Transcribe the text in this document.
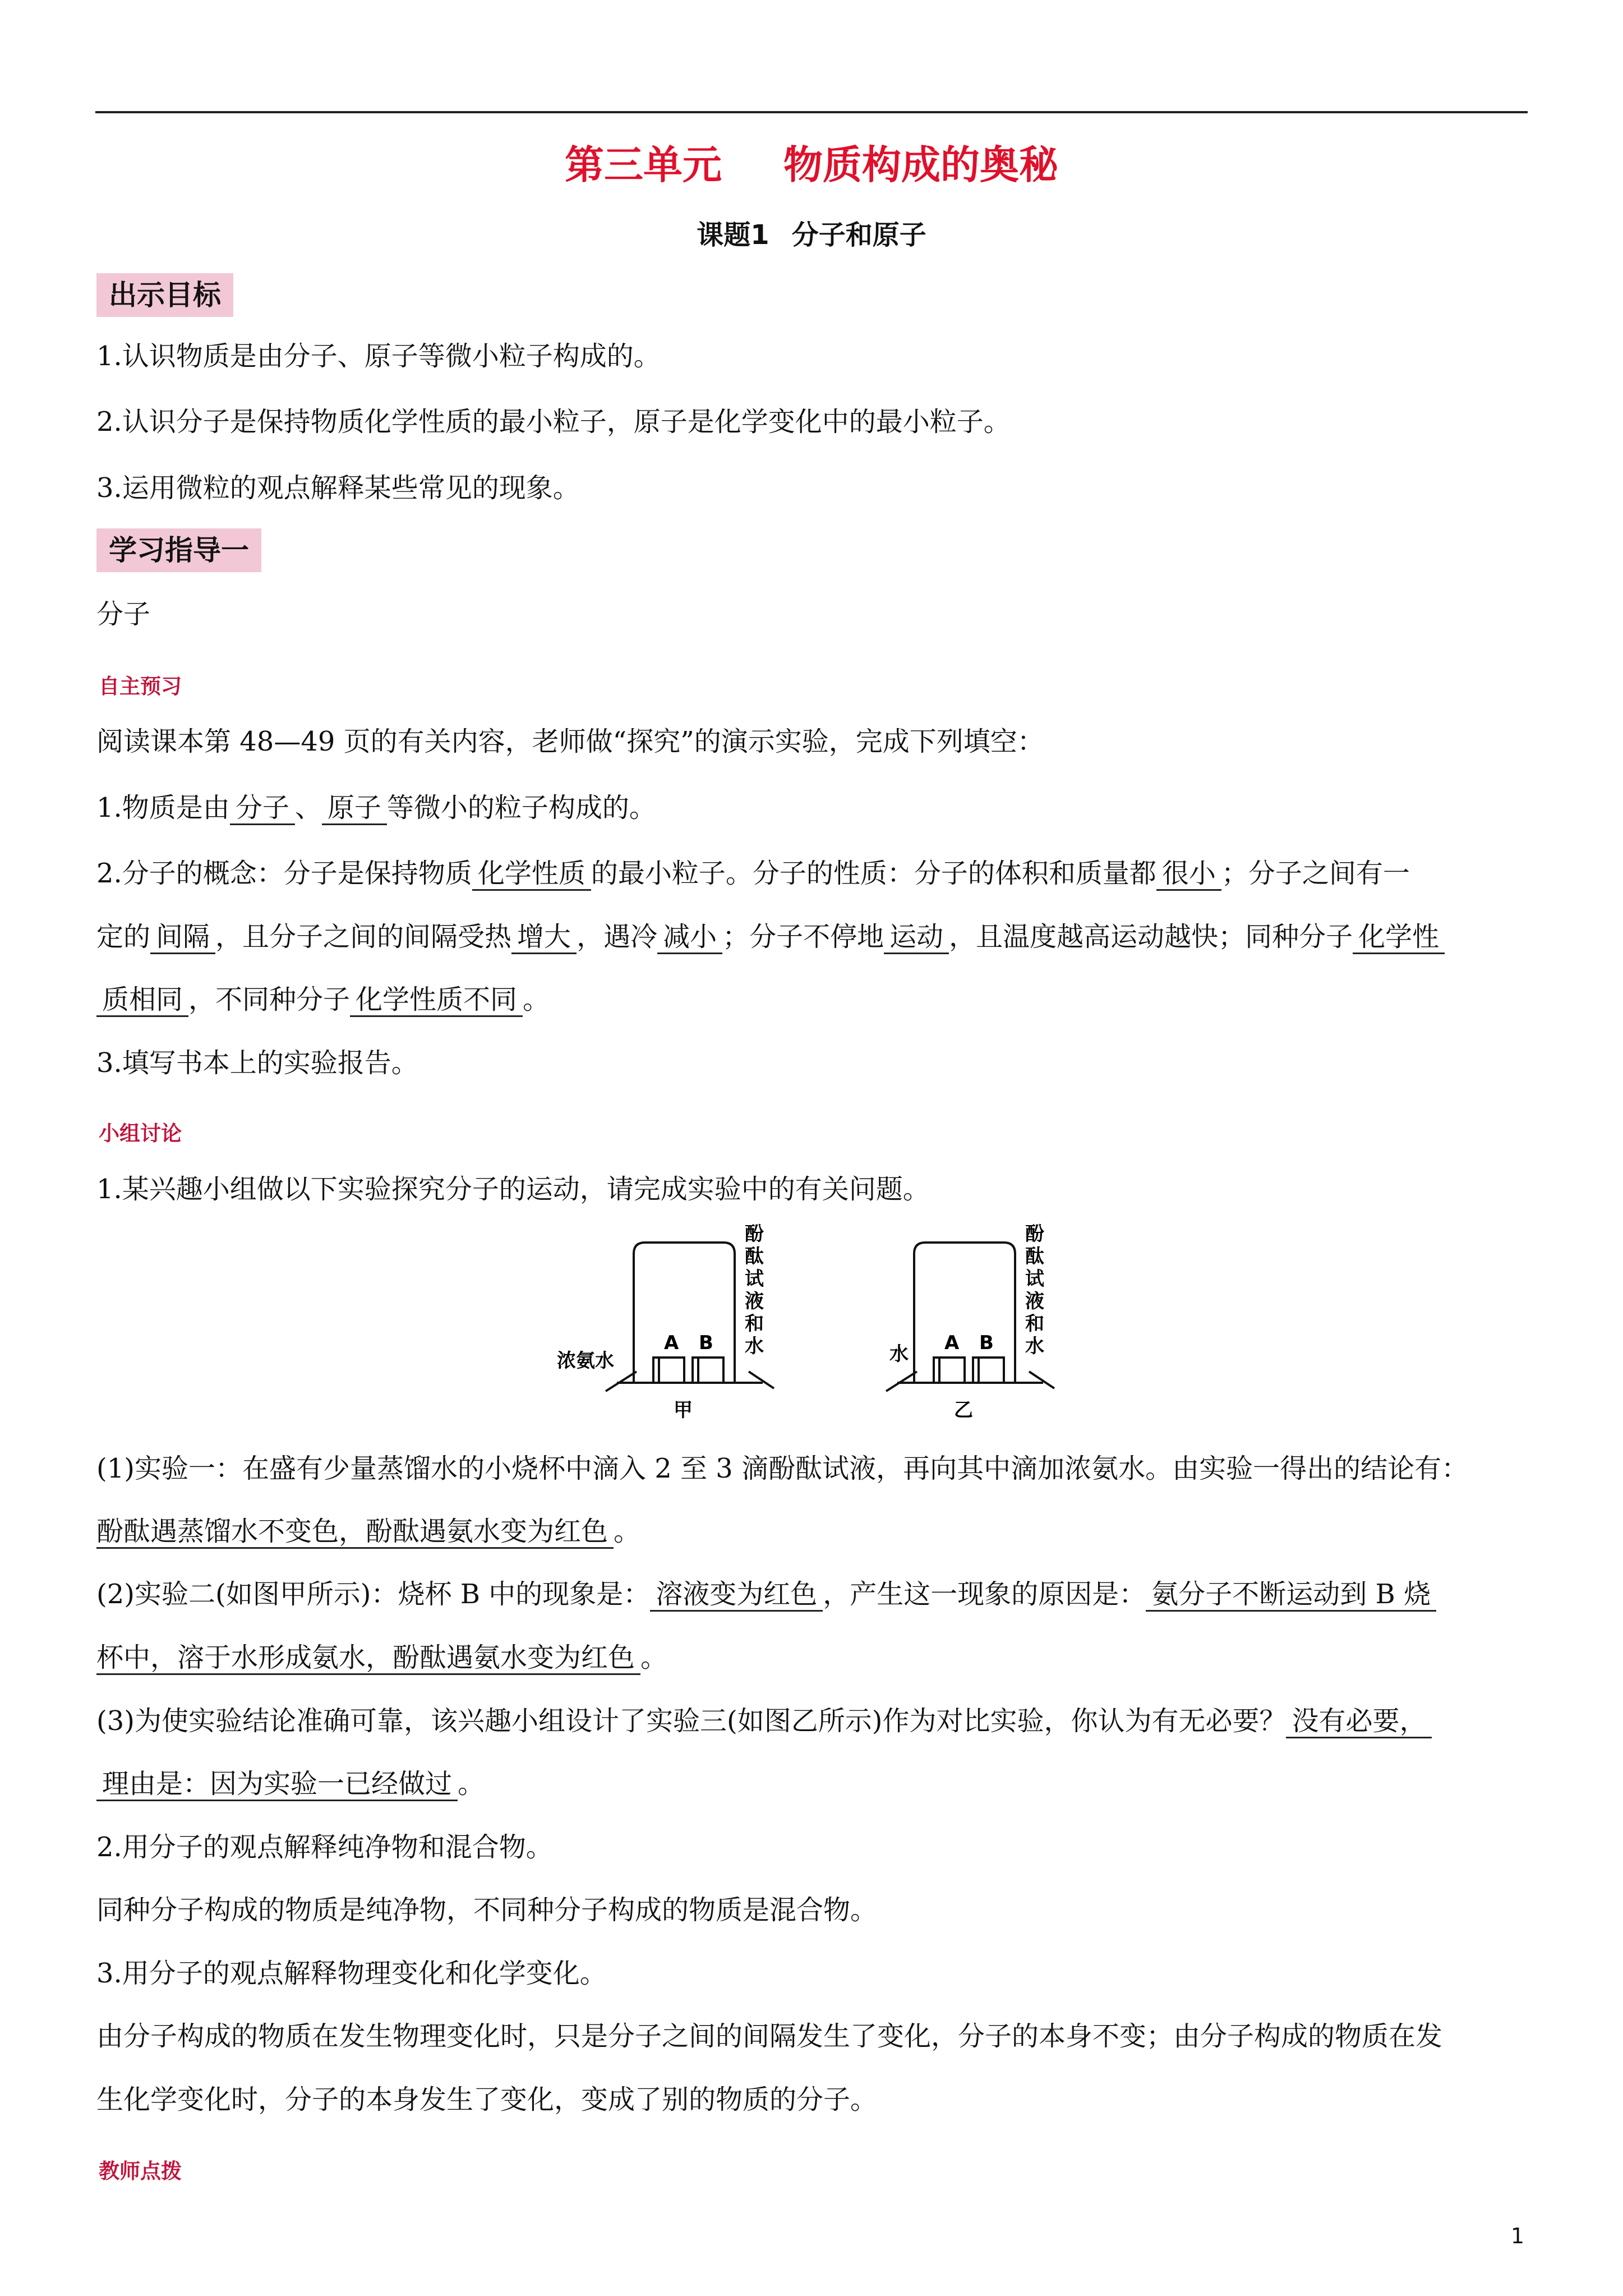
第三单元 物质构成的奥秘
课题1 分子和原子
出示目标
1.认识物质是由分子、原子等微小粒子构成的。
2.认识分子是保持物质化学性质的最小粒子，原子是化学变化中的最小粒子。
3.运用微粒的观点解释某些常见的现象。
学习指导一
分子
自主预习
阅读课本第 48—49 页的有关内容，老师做“探究”的演示实验，完成下列填空：
1.物质是由 分子 、 原子 等微小的粒子构成的。
2.分子的概念：分子是保持物质 化学性质 的最小粒子。分子的性质：分子的体积和质量都 很小 ；分子之间有一
定的 间隔 ，且分子之间的间隔受热 增大 ，遇冷 减小 ；分子不停地 运动 ，且温度越高运动越快；同种分子 化学性
质相同 ，不同种分子 化学性质不同 。
3.填写书本上的实验报告。
小组讨论
1.某兴趣小组做以下实验探究分子的运动，请完成实验中的有关问题。
浓氨水
A B
酚
酞
试
液
和
水
甲
水 A B
酚
酞
试
液
和
水
乙
(1)实验一：在盛有少量蒸馏水的小烧杯中滴入 2 至 3 滴酚酞试液，再向其中滴加浓氨水。由实验一得出的结论有：
酚酞遇蒸馏水不变色，酚酞遇氨水变为红色 。
(2)实验二(如图甲所示)：烧杯 B 中的现象是： 溶液变为红色 ，产生这一现象的原因是： 氨分子不断运动到 B 烧
杯中，溶于水形成氨水，酚酞遇氨水变为红色 。
(3)为使实验结论准确可靠，该兴趣小组设计了实验三(如图乙所示)作为对比实验，你认为有无必要？ 没有必要，
理由是：因为实验一已经做过 。
2.用分子的观点解释纯净物和混合物。
同种分子构成的物质是纯净物，不同种分子构成的物质是混合物。
3.用分子的观点解释物理变化和化学变化。
由分子构成的物质在发生物理变化时，只是分子之间的间隔发生了变化，分子的本身不变；由分子构成的物质在发
生化学变化时，分子的本身发生了变化，变成了别的物质的分子。
教师点拨
1
